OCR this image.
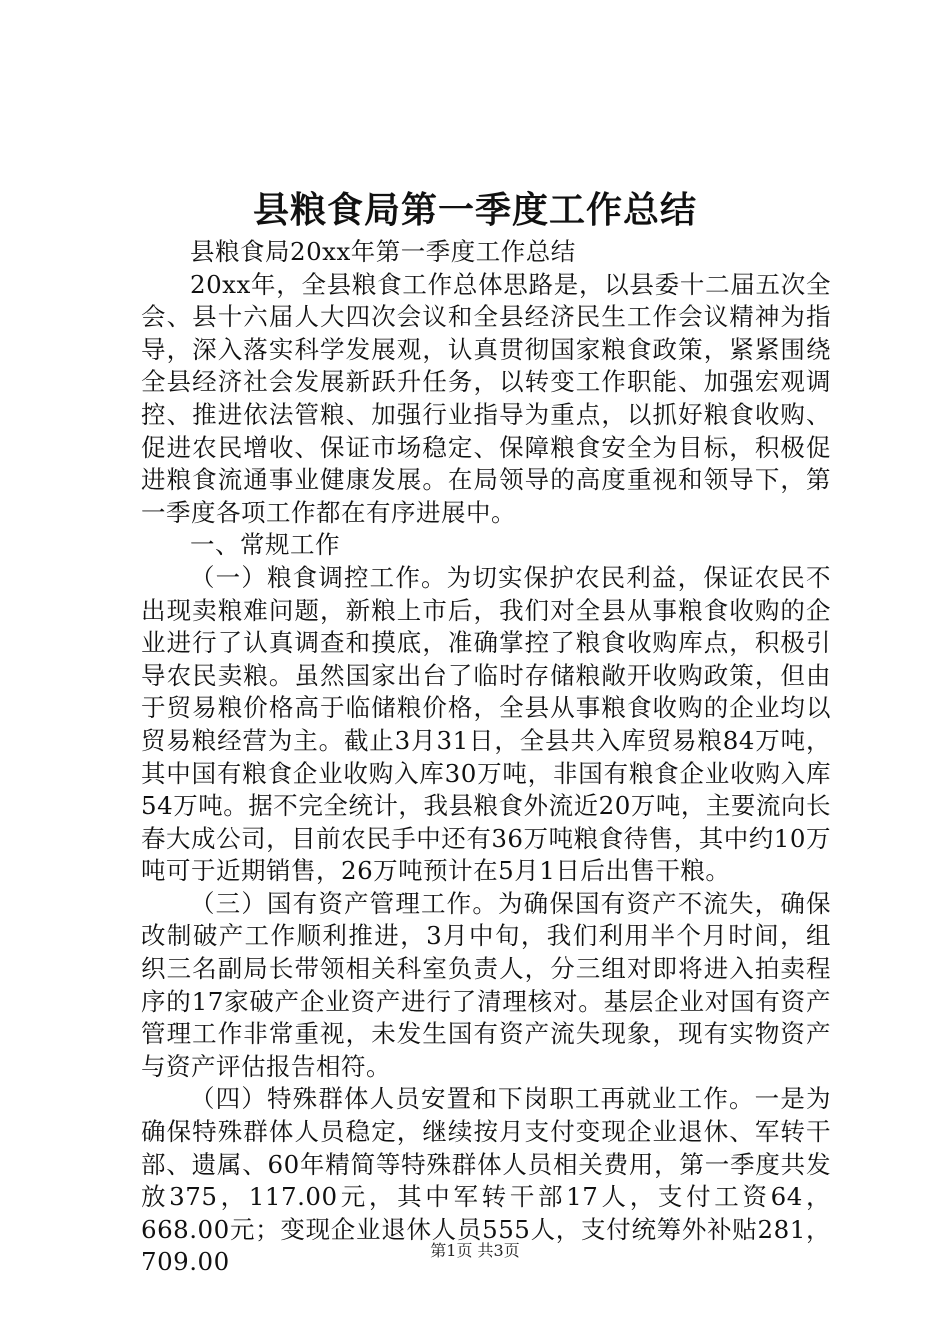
县粮食局第一季度工作总结

县粮食局20xx年第一季度工作总结

20xx年，全县粮食工作总体思路是，以县委十二届五次全会、县十六届人大四次会议和全县经济民生工作会议精神为指导，深入落实科学发展观，认真贯彻国家粮食政策，紧紧围绕全县经济社会发展新跃升任务，以转变工作职能、加强宏观调控、推进依法管粮、加强行业指导为重点，以抓好粮食收购、促进农民增收、保证市场稳定、保障粮食安全为目标，积极促进粮食流通事业健康发展。在局领导的高度重视和领导下，第一季度各项工作都在有序进展中。

一、常规工作

（一）粮食调控工作。为切实保护农民利益，保证农民不出现卖粮难问题，新粮上市后，我们对全县从事粮食收购的企业进行了认真调查和摸底，准确掌控了粮食收购库点，积极引导农民卖粮。虽然国家出台了临时存储粮敞开收购政策，但由于贸易粮价格高于临储粮价格，全县从事粮食收购的企业均以贸易粮经营为主。截止3月31日，全县共入库贸易粮84万吨，其中国有粮食企业收购入库30万吨，非国有粮食企业收购入库54万吨。据不完全统计，我县粮食外流近20万吨，主要流向长春大成公司，目前农民手中还有36万吨粮食待售，其中约10万吨可于近期销售，26万吨预计在5月1日后出售干粮。

（三）国有资产管理工作。为确保国有资产不流失，确保改制破产工作顺利推进，3月中旬，我们利用半个月时间，组织三名副局长带领相关科室负责人，分三组对即将进入拍卖程序的17家破产企业资产进行了清理核对。基层企业对国有资产管理工作非常重视，未发生国有资产流失现象，现有实物资产与资产评估报告相符。

（四）特殊群体人员安置和下岗职工再就业工作。一是为确保特殊群体人员稳定，继续按月支付变现企业退休、军转干部、遗属、60年精简等特殊群体人员相关费用，第一季度共发放375，117.00元，其中军转干部17人，支付工资64，668.00元；变现企业退休人员555人，支付统筹外补贴281，709.00	第1页 共3页
